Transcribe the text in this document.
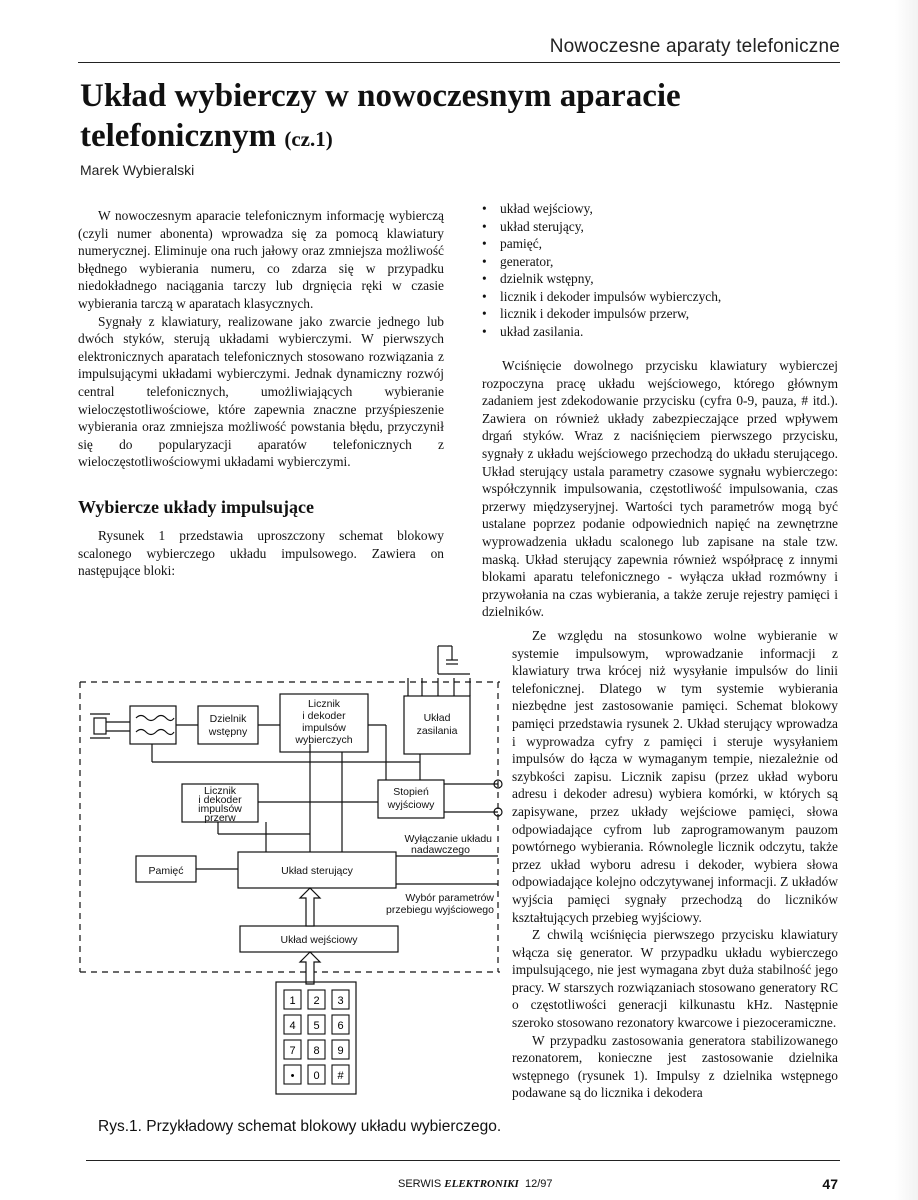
Nowoczesne aparaty telefoniczne
Układ wybierczy w nowoczesnym aparacie telefonicznym (cz.1)
Marek Wybieralski

W nowoczesnym aparacie telefonicznym informację wybierczą (czyli numer abonenta) wprowadza się za pomocą klawiatury numerycznej. Eliminuje ona ruch jałowy oraz zmniejsza możliwość błędnego wybierania numeru, co zdarza się w przypadku niedokładnego naciągania tarczy lub drgnięcia ręki w czasie wybierania tarczą w aparatach klasycznych.

Sygnały z klawiatury, realizowane jako zwarcie jednego lub dwóch styków, sterują układami wybierczymi. W pierwszych elektronicznych aparatach telefonicznych stosowano rozwiązania z impulsującymi układami wybierczymi. Jednak dynamiczny rozwój central telefonicznych, umożliwiających wybieranie wieloczęstotliwościowe, które zapewnia znaczne przyśpieszenie wybierania oraz zmniejsza możliwość powstania błędu, przyczynił się do popularyzacji aparatów telefonicznych z wieloczęstotliwościowymi układami wybierczymi.

Wybiercze układy impulsujące

Rysunek 1 przedstawia uproszczony schemat blokowy scalonego wybierczego układu impulsowego. Zawiera on następujące bloki:

• układ wejściowy,
• układ sterujący,
• pamięć,
• generator,
• dzielnik wstępny,
• licznik i dekoder impulsów wybierczych,
• licznik i dekoder impulsów przerw,
• układ zasilania.

Wciśnięcie dowolnego przycisku klawiatury wybierczej rozpoczyna pracę układu wejściowego, którego głównym zadaniem jest zdekodowanie przycisku (cyfra 0-9, pauza, # itd.). Zawiera on również układy zabezpieczające przed wpływem drgań styków. Wraz z naciśnięciem pierwszego przycisku, sygnały z układu wejściowego przechodzą do układu sterującego. Układ sterujący ustala parametry czasowe sygnału wybierczego: współczynnik impulsowania, częstotliwość impulsowania, czas przerwy międzyseryjnej. Wartości tych parametrów mogą być ustalane poprzez podanie odpowiednich napięć na zewnętrzne wyprowadzenia układu scalonego lub zapisane na stale tzw. maską. Układ sterujący zapewnia również współpracę z innymi blokami aparatu telefonicznego - wyłącza układ rozmówny i przywołania na czas wybierania, a także zeruje rejestry pamięci i dzielników.

Ze względu na stosunkowo wolne wybieranie w systemie impulsowym, wprowadzanie informacji z klawiatury trwa krócej niż wysyłanie impulsów do linii telefonicznej. Dlatego w tym systemie wybierania niezbędne jest zastosowanie pamięci. Schemat blokowy pamięci przedstawia rysunek 2. Układ sterujący wprowadza i wyprowadza cyfry z pamięci i steruje wysyłaniem impulsów do łącza w wymaganym tempie, niezależnie od szybkości zapisu. Licznik zapisu (przez układ wyboru adresu i dekoder adresu) wybiera komórki, w których są zapisywane, przez układy wejściowe pamięci, słowa odpowiadające cyfrom lub zaprogramowanym pauzom powtórnego wybierania. Równolegle licznik odczytu, także przez układ wyboru adresu i dekoder, wybiera słowa odpowiadające kolejno odczytywanej informacji. Z układów wyjścia pamięci sygnały przechodzą do liczników kształtujących przebieg wyjściowy.

Z chwilą wciśnięcia pierwszego przycisku klawiatury włącza się generator. W przypadku układu wybierczego impulsującego, nie jest wymagana zbyt duża stabilność jego pracy. W starszych rozwiązaniach stosowano generatory RC o częstotliwości generacji kilkunastu kHz. Następnie szeroko stosowano rezonatory kwarcowe i piezoceramiczne.

W przypadku zastosowania generatora stabilizowanego rezonatorem, konieczne jest zastosowanie dzielnika wstępnego (rysunek 1). Impulsy z dzielnika wstępnego podawane są do licznika i dekodera

Dzielnik
wstępny
Licznik
i dekoder
impulsów
wybierczych
Układ
zasilania
Licznik
i dekoder
impulsów
przerw
Stopień
wyjściowy
Pamięć	Układ sterujący
Układ wejściowy
Wyłączanie układu
nadawczego
Wybór parametrów
przebiegu wyjściowego
1 2 3
4 5 6
7 8 9
• 0 #
Rys.1. Przykładowy schemat blokowy układu wybierczego.
SERWIS ELEKTRONIKI 12/97	47
